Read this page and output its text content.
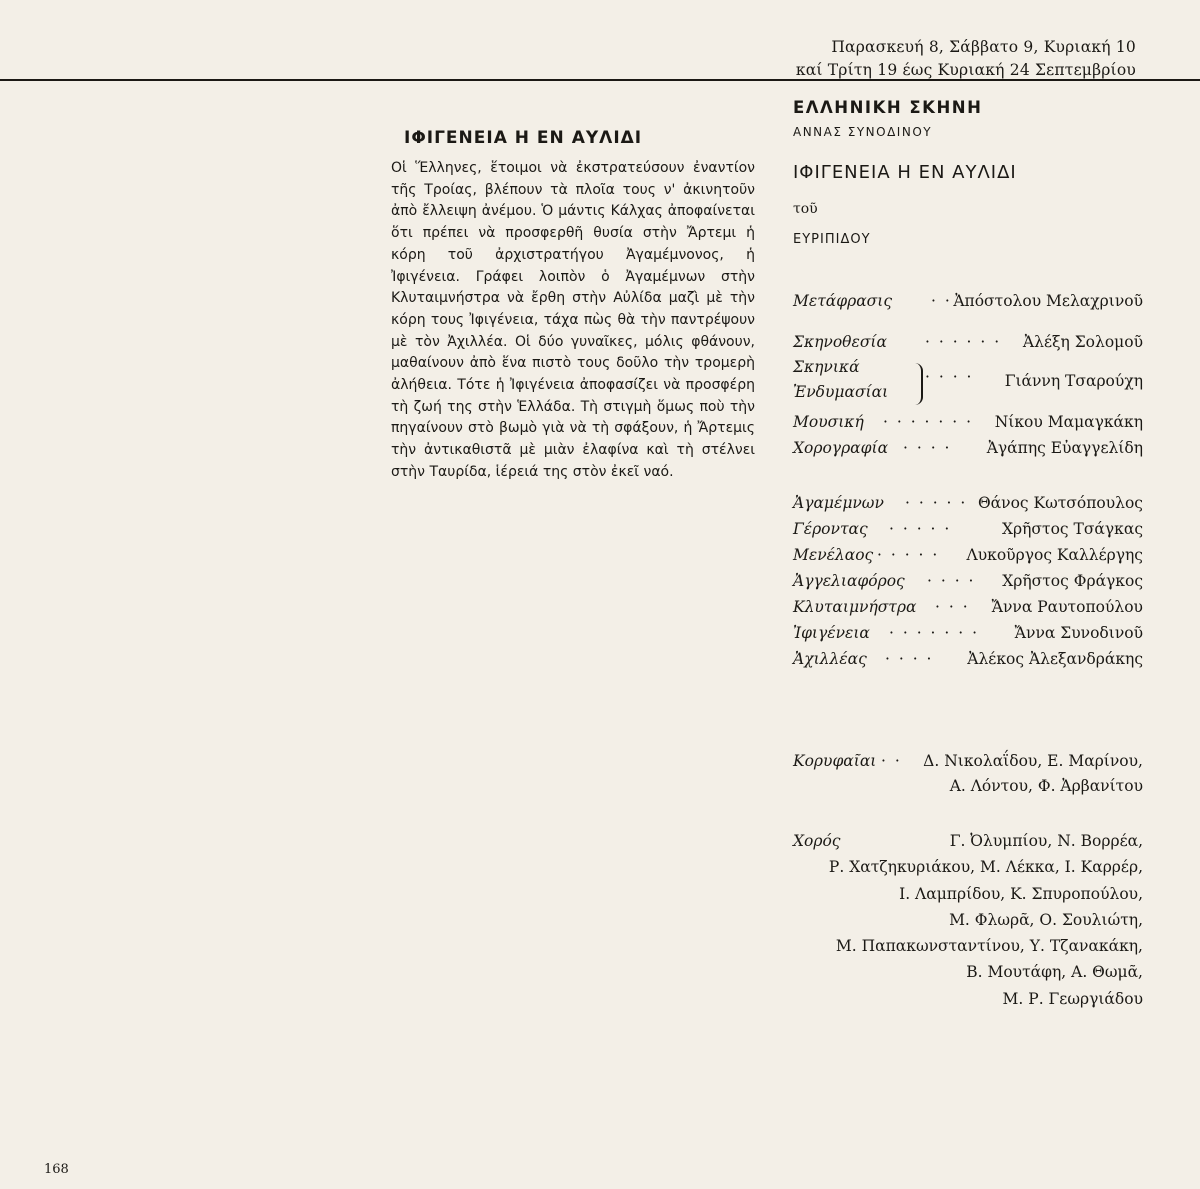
Παρασκευή 8, Σάββατο 9, Κυριακή 10
καί Τρίτη 19 έως Κυριακή 24 Σεπτεμβρίου
ΙΦΙΓΕΝΕΙΑ Η ΕΝ ΑΥΛΙΔΙ

Οἱ Ἕλληνες, ἕτοιμοι νὰ ἐκστρατεύσουν ἐναντίον τῆς Τροίας, βλέπουν τὰ πλοῖα τους ν' ἀκινητοῦν ἀπὸ ἔλλειψη ἀνέμου. Ὁ μάντις Κάλχας ἀποφαίνεται ὅτι πρέπει νὰ προσφερθῆ θυσία στὴν Ἄρτεμι ἡ κόρη τοῦ ἀρχιστρατήγου Ἀγαμέμνονος, ἡ Ἰφιγένεια. Γράφει λοιπὸν ὁ Ἀγαμέμνων στὴν Κλυταιμνήστρα νὰ ἔρθη στὴν Αὐλίδα μαζὶ μὲ τὴν κόρη τους Ἰφιγένεια, τάχα πὼς θὰ τὴν παντρέψουν μὲ τὸν Ἀχιλλέα. Οἱ δύο γυναῖκες, μόλις φθάνουν, μαθαίνουν ἀπὸ ἕνα πιστὸ τους δοῦλο τὴν τρομερὴ ἀλήθεια. Τότε ἡ Ἰφιγένεια ἀποφασίζει νὰ προσφέρη τὴ ζωή της στὴν Ἑλλάδα. Τὴ στιγμὴ ὅμως ποὺ τὴν πηγαίνουν στὸ βωμὸ γιὰ νὰ τὴ σφάξουν, ἡ Ἄρτεμις τὴν ἀντικαθιστᾶ μὲ μιὰν ἐλαφίνα καὶ τὴ στέλνει στὴν Ταυρίδα, ἱέρειά της στὸν ἐκεῖ ναό.

ΕΛΛΗΝΙΚΗ ΣΚΗΝΗ
ΑΝΝΑΣ ΣΥΝΟΔΙΝΟΥ
ΙΦΙΓΕΝΕΙΑ Η ΕΝ ΑΥΛΙΔΙ
τοῦ
ΕΥΡΙΠΙΔΟΥ
Μετάφρασις	· · Ἀπόστολου Μελαχρινοῦ
Σκηνοθεσία · · · · · · Ἀλέξη Σολομοῦ
Σκηνικά
Ἐνδυμασίαι
· · · · Γιάννη Τσαρούχη
Μουσική · · · · · · · Νίκου Μαμαγκάκη
Χορογραφία · · · · Ἀγάπης Εὐαγγελίδη
Ἀγαμέμνων · · · · · Θάνος Κωτσόπουλος
Γέροντας · · · · ·	Χρῆστος Τσάγκας
Μενέλαος · · · · · Λυκοῦργος Καλλέργης
Ἀγγελιαφόρος · · · · Χρῆστος Φράγκος
Κλυταιμνήστρα · · · Ἄννα Ραυτοπούλου
Ἰφιγένεια · · · · · · · Ἄννα Συνοδινοῦ
Ἀχιλλέας · · · · Ἀλέκος Ἀλεξανδράκης
Κορυφαῖαι · · Δ. Νικολαΐδου, Ε. Μαρίνου,
Α. Λόντου, Φ. Ἀρβανίτου
Χορός	Γ. Ὀλυμπίου, Ν. Βορρέα,
Ρ. Χατζηκυριάκου, Μ. Λέκκα, Ι. Καρρέρ,
Ι. Λαμπρίδου, Κ. Σπυροπούλου,
Μ. Φλωρᾶ, Ο. Σουλιώτη,
Μ. Παπακωνσταντίνου, Υ. Τζανακάκη,
Β. Μουτάφη, Α. Θωμᾶ,
Μ. Ρ. Γεωργιάδου
168
